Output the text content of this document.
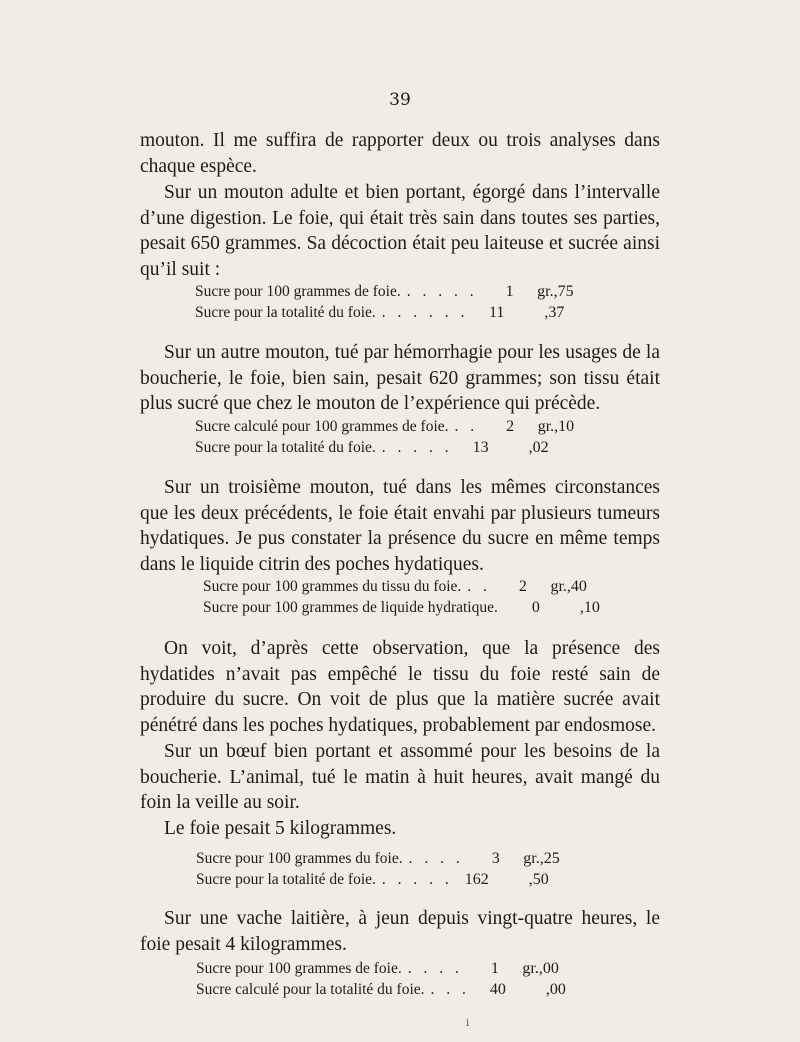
39

mouton. Il me suffira de rapporter deux ou trois analyses dans chaque espèce.

Sur un mouton adulte et bien portant, égorgé dans l’intervalle d’une digestion. Le foie, qui était très sain dans toutes ses parties, pesait 650 grammes. Sa décoction était peu laiteuse et sucrée ainsi qu’il suit :

Sucre pour 100 grammes de foie. . . . . .	1	gr.,75
Sucre pour la totalité du foie. . . . . . .	11	,37

Sur un autre mouton, tué par hémorrhagie pour les usages de la boucherie, le foie, bien sain, pesait 620 grammes; son tissu était plus sucré que chez le mouton de l’expérience qui précède.

Sucre calculé pour 100 grammes de foie. . .	2	gr.,10
Sucre pour la totalité du foie. . . . . .	13	,02

Sur un troisième mouton, tué dans les mêmes circonstances que les deux précédents, le foie était envahi par plusieurs tumeurs hydatiques. Je pus constater la présence du sucre en même temps dans le liquide citrin des poches hydatiques.

Sucre pour 100 grammes du tissu du foie. . .	2	gr.,40
Sucre pour 100 grammes de liquide hydratique.	0	,10

On voit, d’après cette observation, que la présence des hydatides n’avait pas empêché le tissu du foie resté sain de produire du sucre. On voit de plus que la matière sucrée avait pénétré dans les poches hydatiques, probablement par endosmose.

Sur un bœuf bien portant et assommé pour les besoins de la boucherie. L’animal, tué le matin à huit heures, avait mangé du foin la veille au soir.

Le foie pesait 5 kilogrammes.

Sucre pour 100 grammes du foie. . . . .	3	gr.,25
Sucre pour la totalité de foie. . . . . . 162	,50

Sur une vache laitière, à jeun depuis vingt-quatre heures, le foie pesait 4 kilogrammes.

Sucre pour 100 grammes de foie. . . . .	1	gr.,00
Sucre calculé pour la totalité du foie. . . .	40	,00
i
